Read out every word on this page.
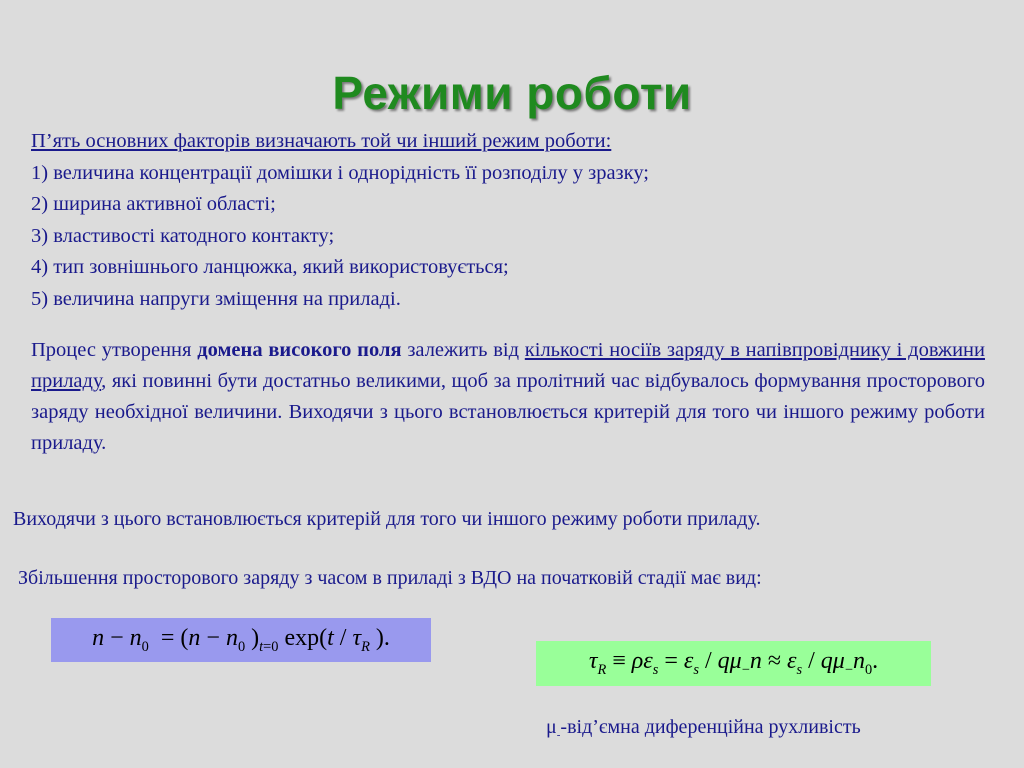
Режими роботи
П’ять основних факторів визначають той чи інший режим роботи:
1) величина концентрації домішки і однорідність її розподілу у зразку;
2) ширина активної області;
3) властивості катодного контакту;
4) тип зовнішнього ланцюжка, який використовується;
5) величина напруги зміщення на приладі.
Процес утворення домена високого поля залежить від кількості носіїв заряду в напівпровіднику і довжини приладу, які повинні бути достатньо великими, щоб за пролітний час відбувалось формування просторового заряду необхідної величини. Виходячи з цього встановлюється критерій для того чи іншого режиму роботи приладу.
Виходячи з цього встановлюється критерій для того чи іншого режиму роботи приладу.
Збільшення просторового заряду з часом в приладі з ВДО на початковій стадії має вид:
$n - n_0 = (n - n_0$ )$_{t=0}$ $\exp(t / \tau_R$ ).
$\tau_R \equiv \rho\varepsilon_s = \varepsilon_s / q\mu_-n \approx \varepsilon_s / q\mu_-n_0$.
$\mu_--від’ємна$ диференційна рухливість
